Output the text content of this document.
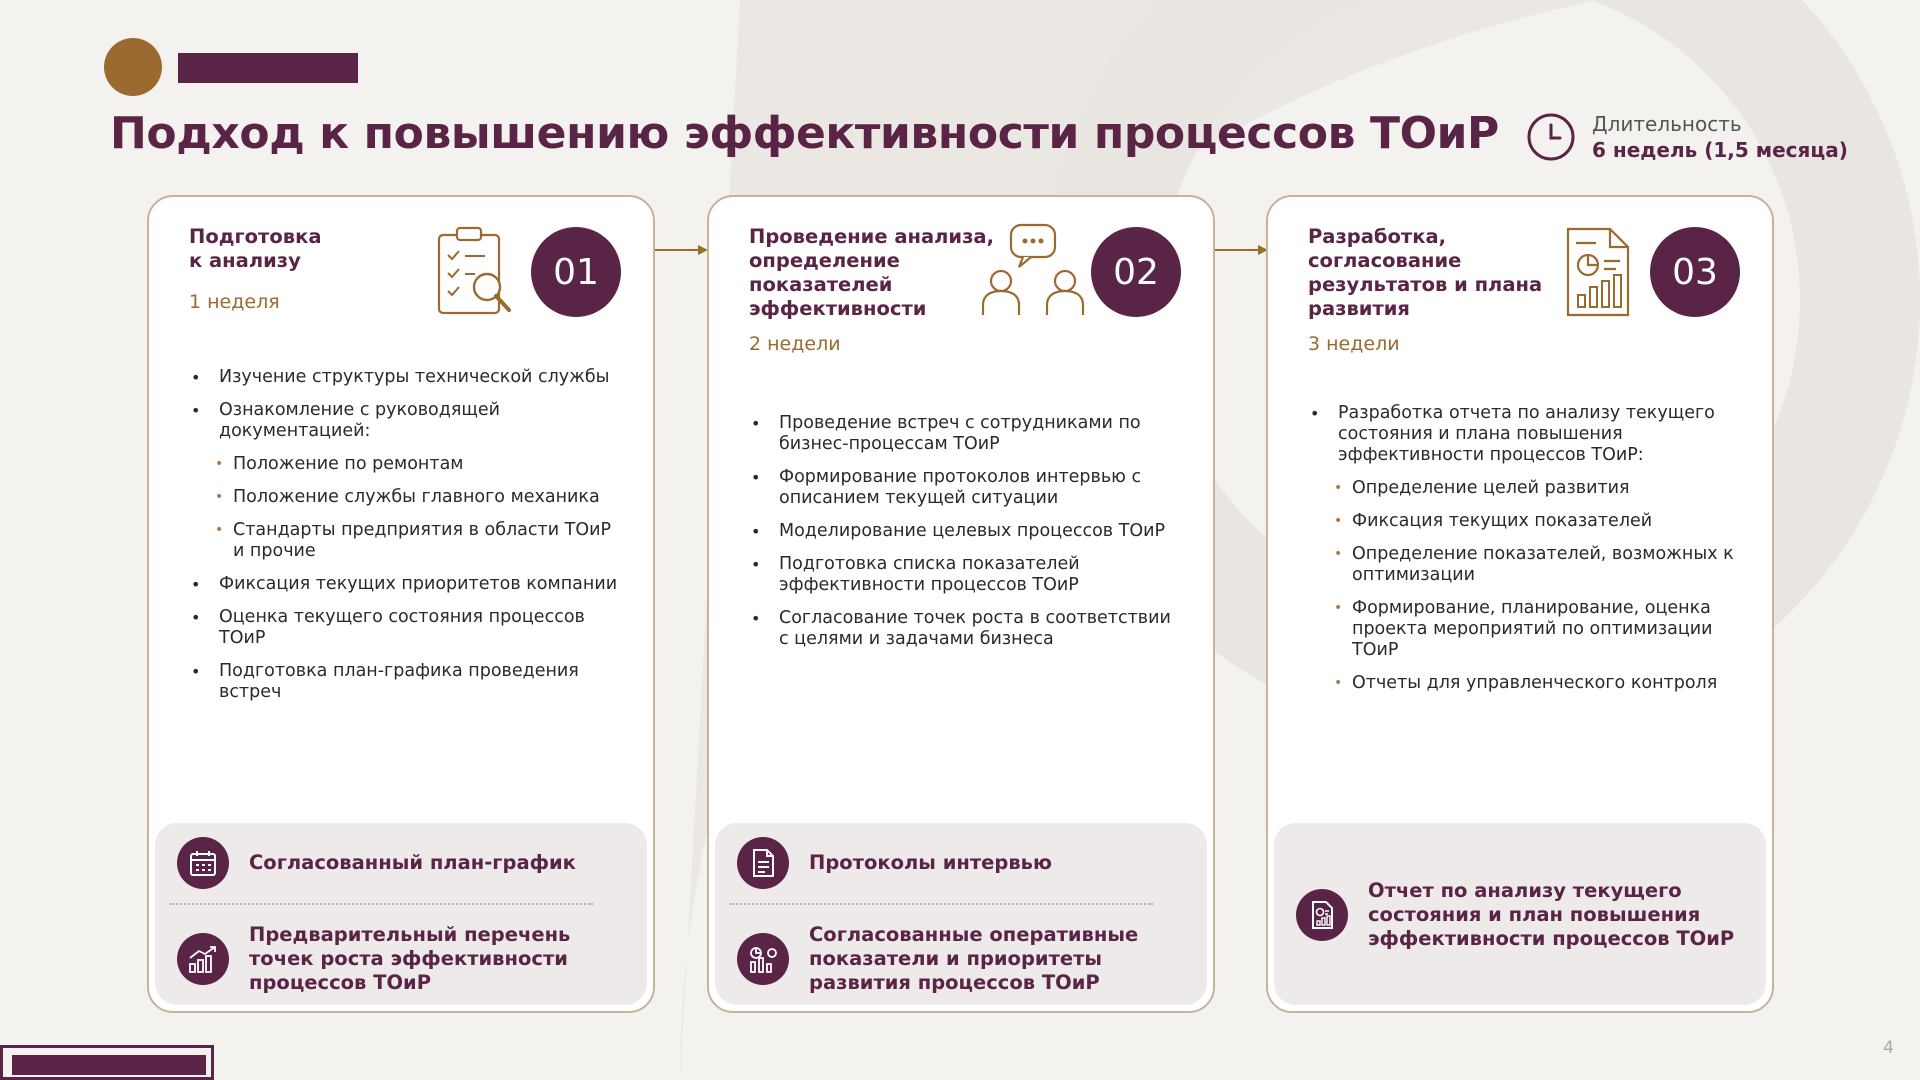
Подход к повышению эффективности процессов ТОиР	Длительность
6 недель (1,5 месяца)
Подготовка
к анализу
1 неделя
01
• Изучение структуры технической службы
• Ознакомление с руководящей документацией:
• Положение по ремонтам
• Положение службы главного механика
• Стандарты предприятия в области ТОиР и прочие
• Фиксация текущих приоритетов компании
• Оценка текущего состояния процессов ТОиР
• Подготовка план-графика проведения встреч
Согласованный план-график
Предварительный перечень точек роста эффективности процессов ТОиР
Проведение анализа,
определение
показателей
эффективности
2 недели
02
• Проведение встреч с сотрудниками по бизнес-процессам ТОиР
• Формирование протоколов интервью с описанием текущей ситуации
• Моделирование целевых процессов ТОиР
• Подготовка списка показателей эффективности процессов ТОиР
• Согласование точек роста в соответствии с целями и задачами бизнеса
Протоколы интервью
Согласованные оперативные показатели и приоритеты развития процессов ТОиР
Разработка,
согласование
результатов и плана
развития
3 недели
03
• Разработка отчета по анализу текущего состояния и плана повышения эффективности процессов ТОиР:
• Определение целей развития
• Фиксация текущих показателей
• Определение показателей, возможных к оптимизации
• Формирование, планирование, оценка проекта мероприятий по оптимизации ТОиР
• Отчеты для управленческого контроля
Отчет по анализу текущего состояния и план повышения эффективности процессов ТОиР
4
